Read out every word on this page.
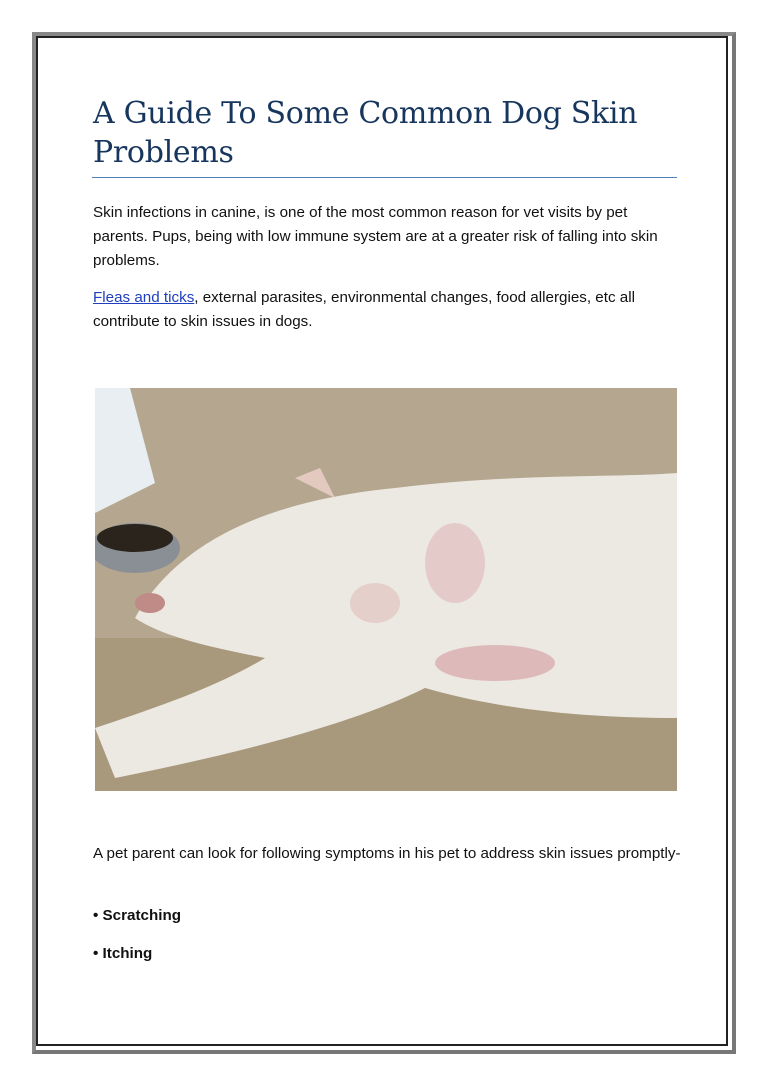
A Guide To Some Common Dog Skin Problems

Skin infections in canine, is one of the most common reason for vet visits by pet parents. Pups, being with low immune system are at a greater risk of falling into skin problems.

Fleas and ticks, external parasites, environmental changes, food allergies, etc all contribute to skin issues in dogs.

A pet parent can look for following symptoms in his pet to address skin issues promptly-

• Scratching

• Itching
